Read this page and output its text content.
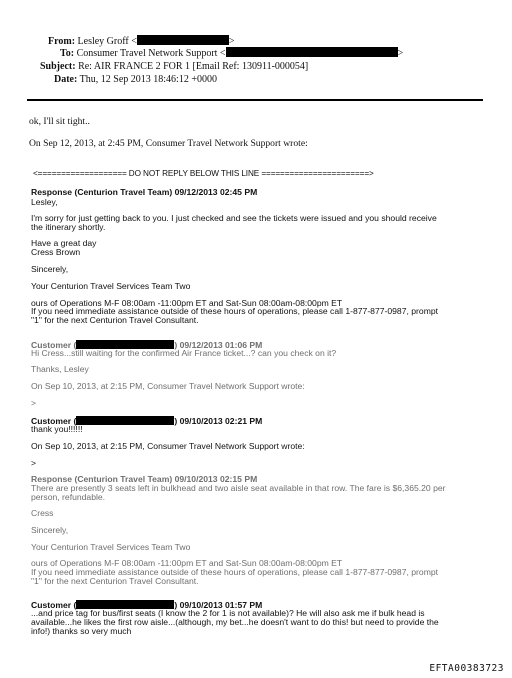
From: Lesley Groff <	>
To: Consumer Travel Network Support <	>
Subject: Re: AIR FRANCE 2 FOR 1 [Email Ref: 130911-000054]
Date: Thu, 12 Sep 2013 18:46:12 +0000
ok, I'll sit tight..
On Sep 12, 2013, at 2:45 PM, Consumer Travel Network Support wrote:
<=================== DO NOT REPLY BELOW THIS LINE =======================>
Response (Centurion Travel Team) 09/12/2013 02:45 PM
Lesley,
I'm sorry for just getting back to you. I just checked and see the tickets were issued and you should receive
the itinerary shortly.
Have a great day
Cress Brown
Sincerely,
Your Centurion Travel Services Team Two
ours of Operations M-F 08:00am -11:00pm ET and Sat-Sun 08:00am-08:00pm ET
If you need immediate assistance outside of these hours of operations, please call 1-877-877-0987, prompt
"1" for the next Centurion Travel Consultant.
Customer (	) 09/12/2013 01:06 PM
Hi Cress...still waiting for the confirmed Air France ticket...? can you check on it?
Thanks, Lesley
On Sep 10, 2013, at 2:15 PM, Consumer Travel Network Support wrote:
>
Customer (	) 09/10/2013 02:21 PM
thank you!!!!!!
On Sep 10, 2013, at 2:15 PM, Consumer Travel Network Support wrote:
>
Response (Centurion Travel Team) 09/10/2013 02:15 PM
There are presently 3 seats left in bulkhead and two aisle seat available in that row. The fare is $6,365.20 per
person, refundable.
Cress
Sincerely,
Your Centurion Travel Services Team Two
ours of Operations M-F 08:00am -11:00pm ET and Sat-Sun 08:00am-08:00pm ET
If you need immediate assistance outside of these hours of operations, please call 1-877-877-0987, prompt
"1" for the next Centurion Travel Consultant.
Customer (	) 09/10/2013 01:57 PM
...and price tag for bus/first seats (I know the 2 for 1 is not available)? He will also ask me if bulk head is
available...he likes the first row aisle...(although, my bet...he doesn't want to do this! but need to provide the
info!) thanks so very much
EFTA00383723
